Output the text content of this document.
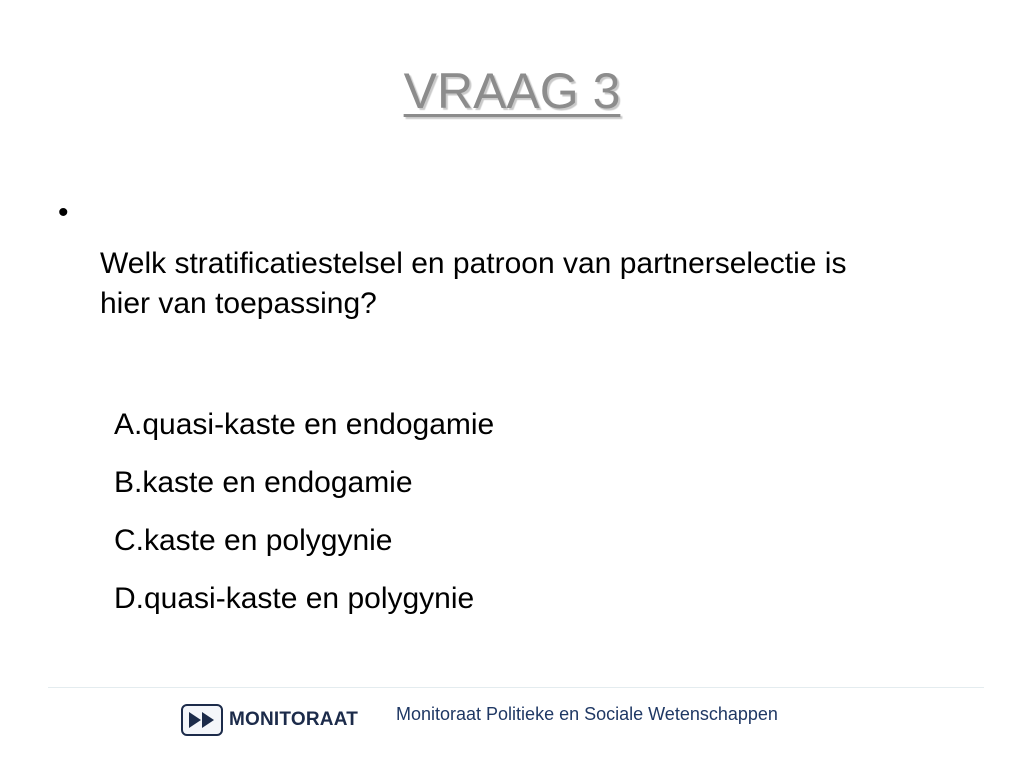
VRAAG 3
•
Welk stratificatiestelsel en patroon van partnerselectie is hier van toepassing?
A.quasi-kaste en endogamie
B.kaste en endogamie
C.kaste en polygynie
D.quasi-kaste en polygynie
MONITORAAT Monitoraat Politieke en Sociale Wetenschappen
